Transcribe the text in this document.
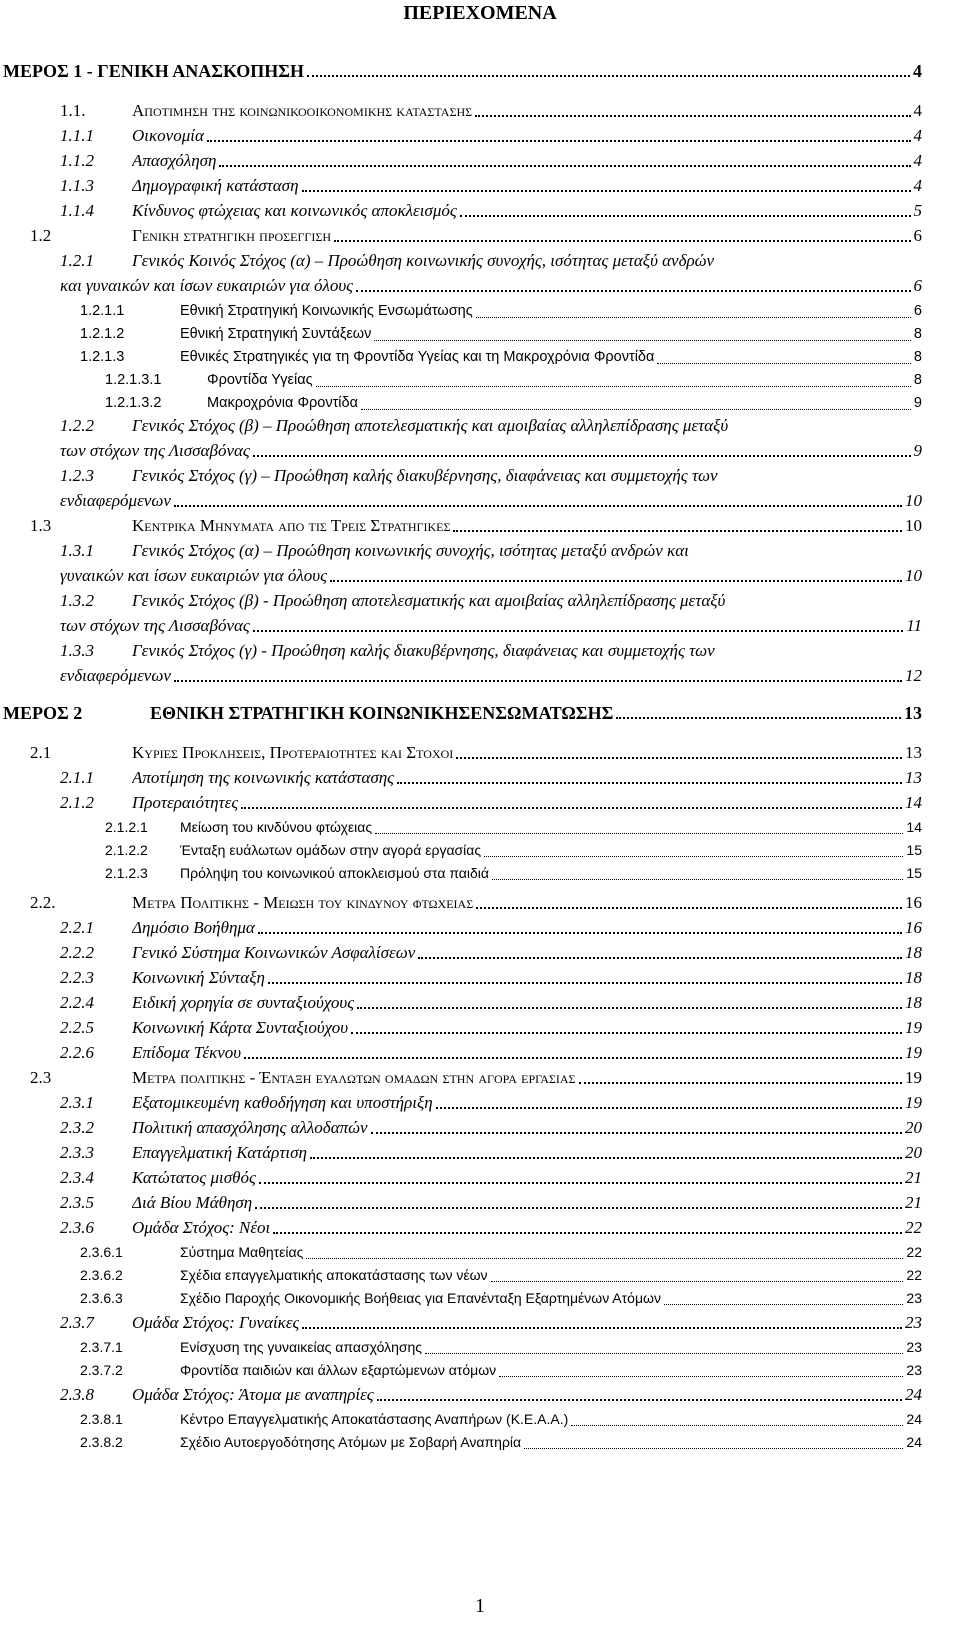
ΠΕΡΙΕΧΟΜΕΝΑ
ΜΕΡΟΣ 1 - ΓΕΝΙΚΗ ΑΝΑΣΚΟΠΗΣΗ	4
1.1.	Αποτιμηση της κοινωνικοοικονομικης καταστασης	4
1.1.1 Οικονομία	4
1.1.2 Απασχόληση	4
1.1.3 Δημογραφική κατάσταση	4
1.1.4 Κίνδυνος φτώχειας και κοινωνικός αποκλεισμός	5
1.2	Γενικη στρατηγικη προσεγγιση	6
1.2.1 Γενικός Κοινός Στόχος (α) – Προώθηση κοινωνικής συνοχής, ισότητας μεταξύ ανδρών
και γυναικών και ίσων ευκαιριών για όλους	6
1.2.1.1	Εθνική Στρατηγική Κοινωνικής Ενσωμάτωσης	6
1.2.1.2	Εθνική Στρατηγική Συντάξεων	8
1.2.1.3	Εθνικές Στρατηγικές για τη Φροντίδα Υγείας και τη Μακροχρόνια Φροντίδα	8
1.2.1.3.1	Φροντίδα Υγείας	8
1.2.1.3.2	Μακροχρόνια Φροντίδα	9
1.2.2 Γενικός Στόχος (β) – Προώθηση αποτελεσματικής και αμοιβαίας αλληλεπίδρασης μεταξύ
των στόχων της Λισσαβόνας	9
1.2.3 Γενικός Στόχος (γ) – Προώθηση καλής διακυβέρνησης, διαφάνειας και συμμετοχής των
ενδιαφερόμενων	10
1.3	Κεντρικα Μηνυματα απο τις Τρεις Στρατηγικες	10
1.3.1 Γενικός Στόχος (α) – Προώθηση κοινωνικής συνοχής, ισότητας μεταξύ ανδρών και
γυναικών και ίσων ευκαιριών για όλους	10
1.3.2 Γενικός Στόχος (β) - Προώθηση αποτελεσματικής και αμοιβαίας αλληλεπίδρασης μεταξύ
των στόχων της Λισσαβόνας	11
1.3.3 Γενικός Στόχος (γ) - Προώθηση καλής διακυβέρνησης, διαφάνειας και συμμετοχής των
ενδιαφερόμενων	12
ΜΕΡΟΣ 2	ΕΘΝΙΚΗ ΣΤΡΑΤΗΓΙΚΗ ΚΟΙΝΩΝΙΚΗΣΕΝΣΩΜΑΤΩΣΗΣ	13
2.1	Κυριες Προκλησεις, Προτεραιοτητες και Στοχοι	13
2.1.1 Αποτίμηση της κοινωνικής κατάστασης	13
2.1.2 Προτεραιότητες	14
2.1.2.1 Μείωση του κινδύνου φτώχειας	14
2.1.2.2 Ένταξη ευάλωτων ομάδων στην αγορά εργασίας	15
2.1.2.3 Πρόληψη του κοινωνικού αποκλεισμού στα παιδιά	15
2.2.	Μετρα Πολιτικης - Μειωση του κινδυνου φτωχειας	16
2.2.1 Δημόσιο Βοήθημα	16
2.2.2 Γενικό Σύστημα Κοινωνικών Ασφαλίσεων	18
2.2.3 Κοινωνική Σύνταξη	18
2.2.4 Ειδική χορηγία σε συνταξιούχους	18
2.2.5 Κοινωνική Κάρτα Συνταξιούχου	19
2.2.6 Επίδομα Τέκνου	19
2.3	Μετρα πολιτικης - Ένταξη ευαλωτων ομαδων στην αγορα εργασιας	19
2.3.1 Εξατομικευμένη καθοδήγηση και υποστήριξη	19
2.3.2 Πολιτική απασχόλησης αλλοδαπών	20
2.3.3 Επαγγελματική Κατάρτιση	20
2.3.4 Κατώτατος μισθός	21
2.3.5 Διά Βίου Μάθηση	21
2.3.6 Ομάδα Στόχος: Νέοι	22
2.3.6.1	Σύστημα Μαθητείας	22
2.3.6.2	Σχέδια επαγγελματικής αποκατάστασης των νέων	22
2.3.6.3	Σχέδιο Παροχής Οικονομικής Βοήθειας για Επανένταξη Εξαρτημένων Ατόμων	23
2.3.7 Ομάδα Στόχος: Γυναίκες	23
2.3.7.1	Ενίσχυση της γυναικείας απασχόλησης	23
2.3.7.2	Φροντίδα παιδιών και άλλων εξαρτώμενων ατόμων	23
2.3.8 Ομάδα Στόχος: Άτομα με αναπηρίες	24
2.3.8.1	Κέντρο Επαγγελματικής Αποκατάστασης Αναπήρων (Κ.Ε.Α.Α.)	24
2.3.8.2	Σχέδιο Αυτοεργοδότησης Ατόμων με Σοβαρή Αναπηρία	24
1
